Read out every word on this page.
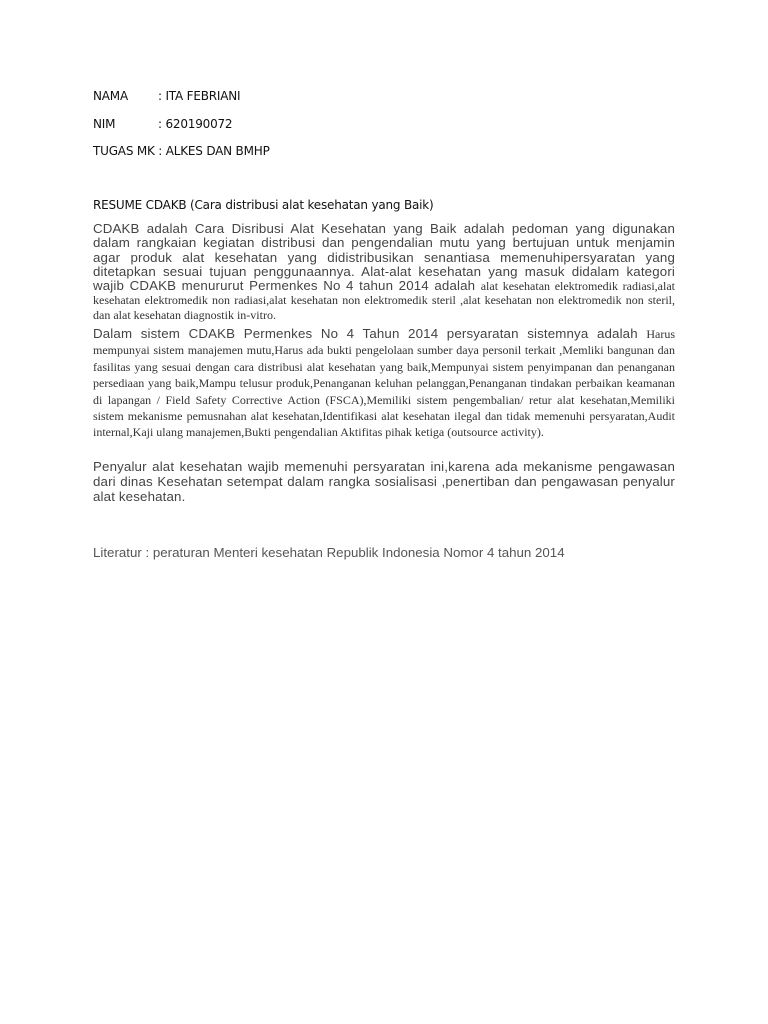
NAMA	: ITA FEBRIANI
NIM	: 620190072
TUGAS MK : ALKES DAN BMHP
RESUME CDAKB (Cara distribusi alat kesehatan yang Baik)
CDAKB adalah Cara Disribusi Alat Kesehatan yang Baik adalah pedoman yang digunakan dalam rangkaian kegiatan distribusi dan pengendalian mutu yang bertujuan untuk menjamin agar produk alat kesehatan yang didistribusikan senantiasa memenuhipersyaratan yang ditetapkan sesuai tujuan penggunaannya. Alat-alat kesehatan yang masuk didalam kategori wajib CDAKB menururut Permenkes No 4 tahun 2014 adalah alat kesehatan elektromedik radiasi,alat kesehatan elektromedik non radiasi,alat kesehatan non elektromedik steril ,alat kesehatan non elektromedik non steril, dan alat kesehatan diagnostik in-vitro.
Dalam sistem CDAKB Permenkes No 4 Tahun 2014 persyaratan sistemnya adalah Harus mempunyai sistem manajemen mutu,Harus ada bukti pengelolaan sumber daya personil terkait ,Memliki bangunan dan fasilitas yang sesuai dengan cara distribusi alat kesehatan yang baik,Mempunyai sistem penyimpanan dan penanganan persediaan yang baik,Mampu telusur produk,Penanganan keluhan pelanggan,Penanganan tindakan perbaikan keamanan di lapangan / Field Safety Corrective Action (FSCA),Memiliki sistem pengembalian/ retur alat kesehatan,Memiliki sistem mekanisme pemusnahan alat kesehatan,Identifikasi alat kesehatan ilegal dan tidak memenuhi persyaratan,Audit internal,Kaji ulang manajemen,Bukti pengendalian Aktifitas pihak ketiga (outsource activity).
Penyalur alat kesehatan wajib memenuhi persyaratan ini,karena ada mekanisme pengawasan dari dinas Kesehatan setempat dalam rangka sosialisasi ,penertiban dan pengawasan penyalur alat kesehatan.
Literatur : peraturan Menteri kesehatan Republik Indonesia Nomor 4 tahun 2014
